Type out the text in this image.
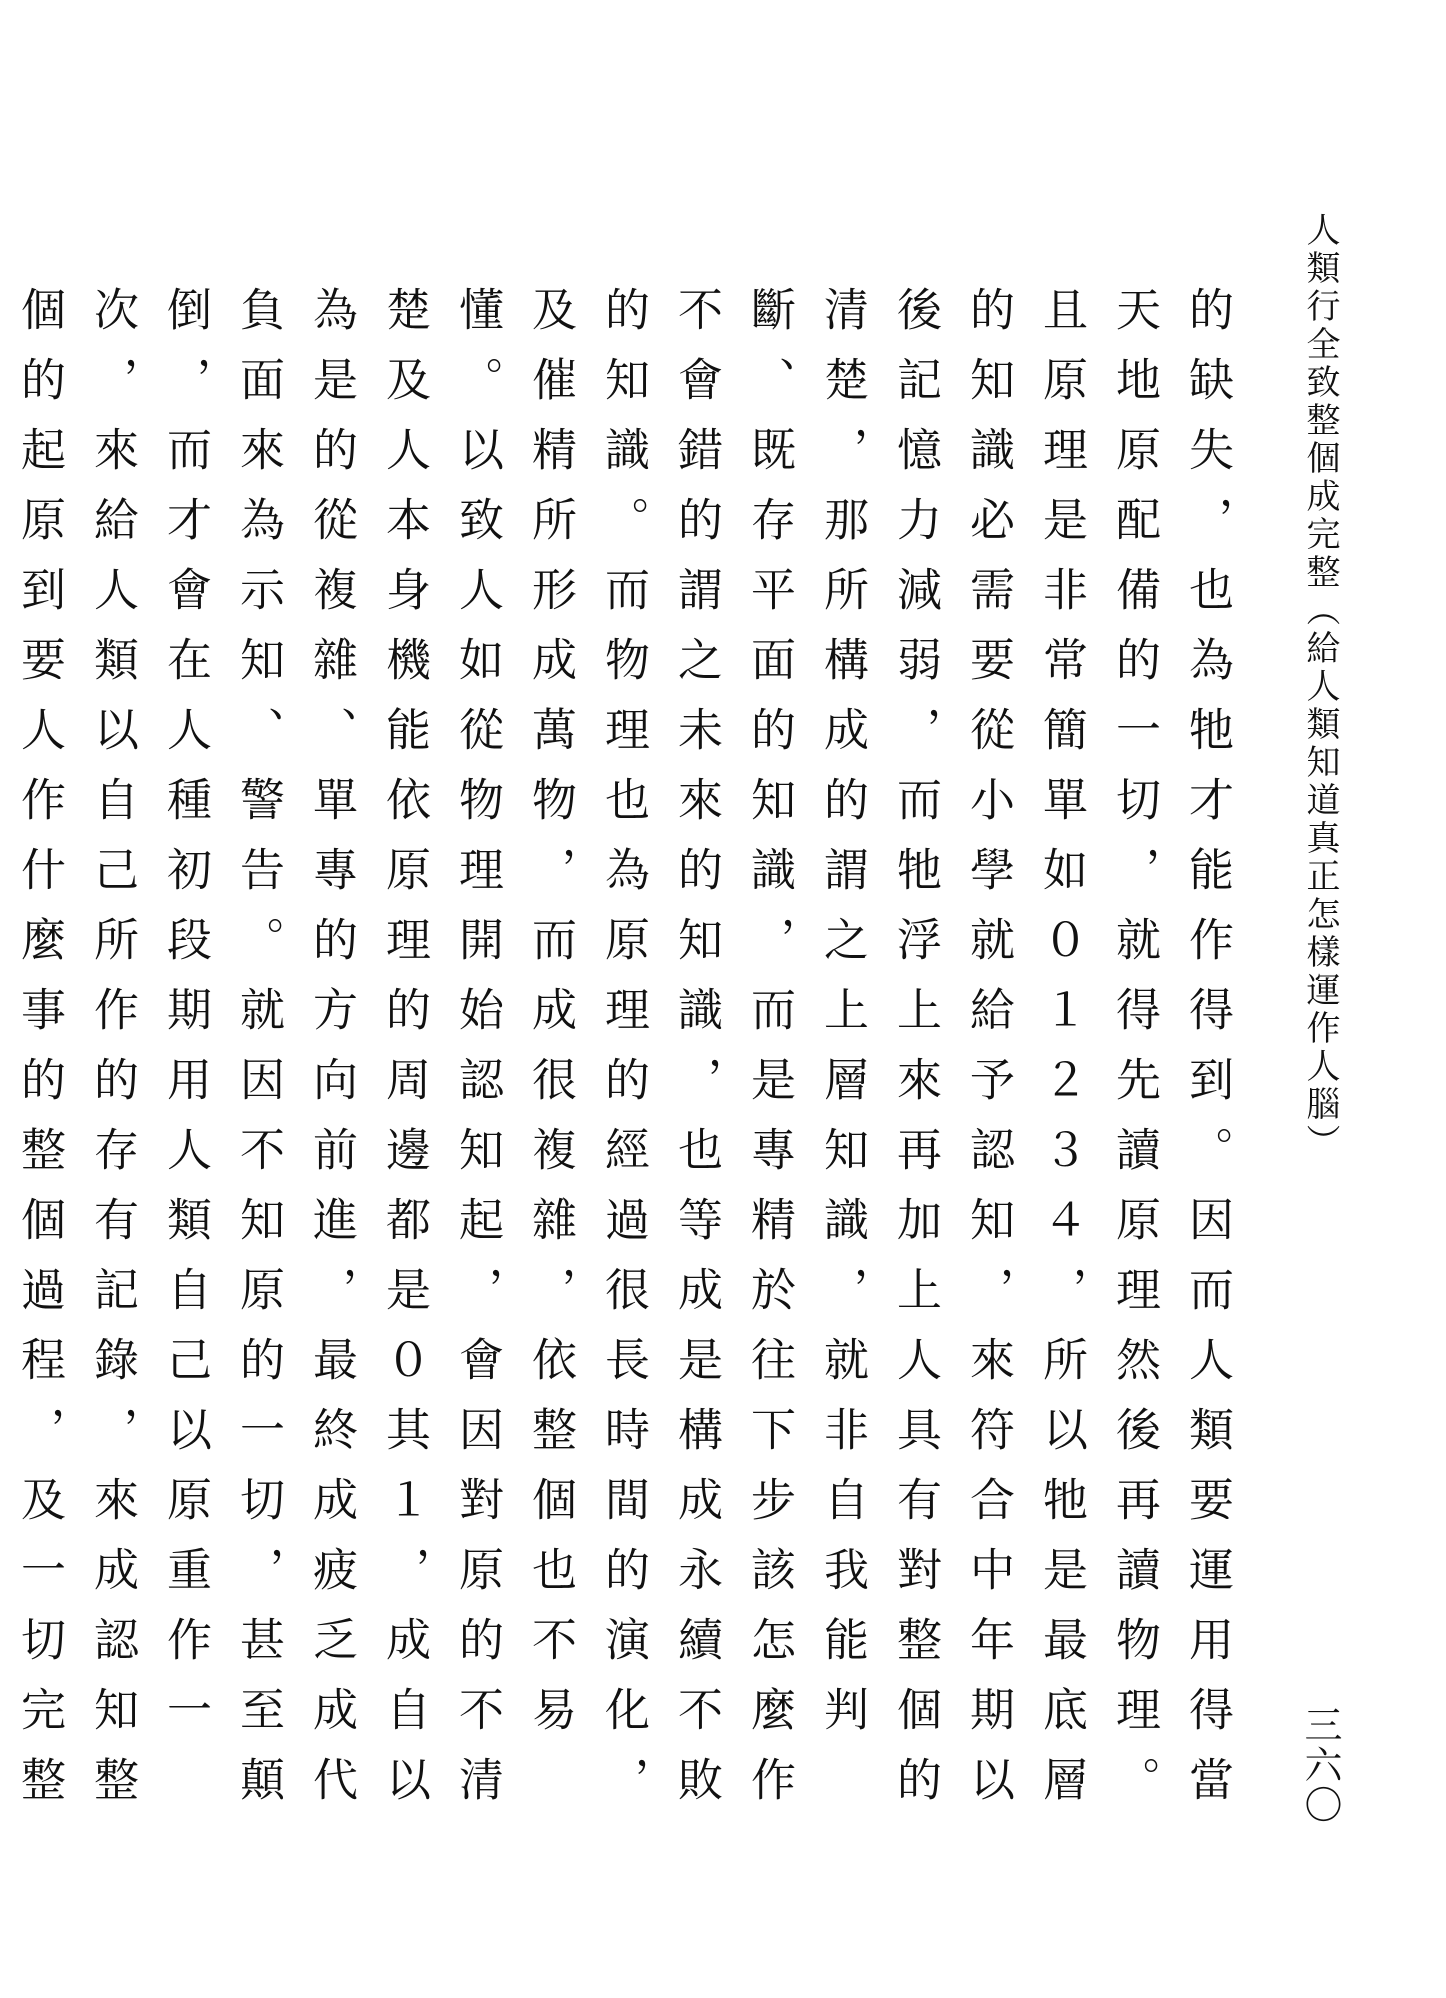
人類行全致整個成完整（給人類知道真正怎樣運作人腦）
三六〇
的缺失，也為牠才能作得到。因而人類要運用得當天地原配備的一切，就得先讀原理然後再讀物理。且原理是非常簡單如０１２３４，所以牠是最底層的知識必需要從小學就給予認知，來符合中年期以後記憶力減弱，而牠浮上來再加上人具有對整個的清楚，那所構成的謂之上層知識，就非自我能判斷、既存平面的知識，而是專精於往下步該怎麼作不會錯的謂之未來的知識，也等成是構成永續不敗的知識。而物理也為原理的經過很長時間的演化，及催精所形成萬物，而成很複雜，依整個也不易懂。以致人如從物理開始認知起，會因對原的不清楚及人本身機能依原理的周邊都是０其１，成自以為是的從複雜、單專的方向前進，最終成疲乏成代負面來為示知、警告。就因不知原的一切，甚至顛倒，而才會在人種初段期用人類自己以原重作一次，來給人類以自己所作的存有記錄，來成認知整個的起原到要人作什麼事的整個過程，及一切完整
